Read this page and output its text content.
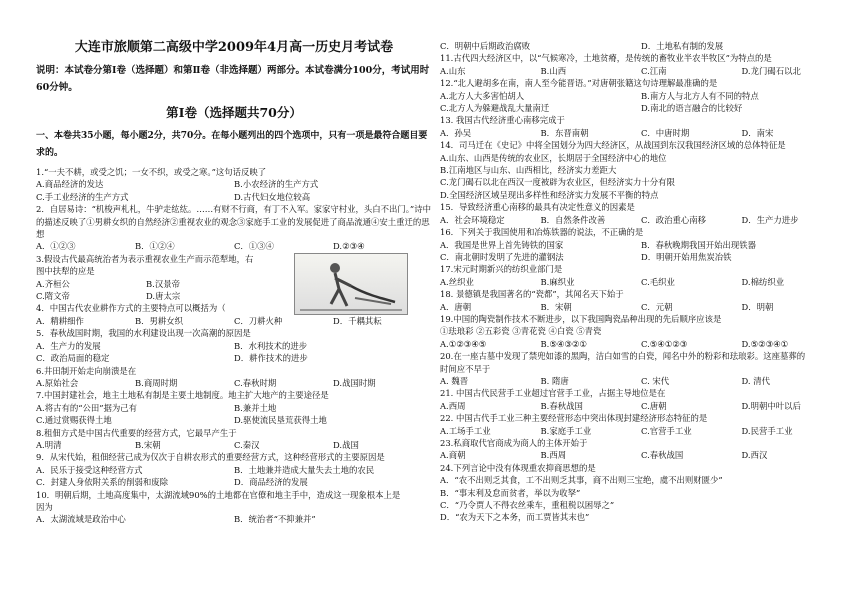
大连市旅顺第二高级中学2009年4月高一历史月考试卷
说明：本试卷分第Ⅰ卷（选择题）和第Ⅱ卷（非选择题）两部分。本试卷满分100分，考试用时60分钟。
第Ⅰ卷（选择题共70分）
一、本卷共35小题，每小题2分，共70分。在每小题列出的四个选项中，只有一项是最符合题目要求的。
1.“一夫不耕，或受之饥；一女不织，或受之寒。”这句话反映了
A.商品经济的发达	B.小农经济的生产方式
C.手工业经济的生产方式	D.古代妇女地位较高
2．自居易诗：“机梭声札札，牛驴走纮纮。……有财不行商，有丁不入军。家家守村业，头白不出门。”诗中的描述反映了①男耕女织的自然经济②重视农业的观念③家庭手工业的发展促进了商品流通④安土重迁的思想
A．①②③	B．①②④	C．①③④	D.②③④
3.假设古代最高统治者为表示重视农业生产而示范犁地，右图中扶犁的应是
A.齐桓公	B.汉景帝
C.隋文帝	D.唐太宗
4．中国古代农业耕作方式的主要特点可以概括为（
A．精耕细作	B．男耕女织	C．刀耕火种	D．千耦其耘
5．春秋战国时期，我国的水利建设出现一次高潮的原因是
A．生产力的发展	B．水利技术的进步
C．政治局面的稳定	D．耕作技术的进步
6.井田制开始走向崩溃是在
A.原始社会	B.商周时期	C.春秋时期	D.战国时期
7.中国封建社会，地主土地私有制是主要土地制度。地主扩大地产的主要途径是
A.将古有的“公田”据为己有	B.兼并土地
C.通过赏赐获得土地	D.驱使流民垦荒获得土地
8.租佃方式是中国古代重要的经营方式，它最早产生于
A.明清	B.宋朝	C.秦汉	D.战国
9．从宋代始，租佃经营己成为仅次于自耕农形式的重要经营方式，这种经营形式的主要原因是
A．民乐于接受这种经营方式	B．土地兼并造成大量失去土地的农民
C．封建人身依附关系的削弱和废除	D．商品经济的发展
10．明朝后期，土地高度集中，太湖流域90%的土地都在官僚和地主手中，造成这一现象根本上是
因为
A．太湖流域是政治中心	B．统治者“不抑兼并”
C．明朝中后期政治腐败	D．土地私有制的发展
11.古代四大经济区中，以“气候寒冷，土地贫瘠，是传统的畜牧业半农半牧区”为特点的是
A.山东	B.山西	C.江南	D.龙门碣石以北
12.“北人避胡多在南，南人至今能晋语。”对唐朝张籍这句诗理解最准确的是
A.北方人大多害怕胡人	B.南方人与北方人有不同的特点
C.北方人为躲避战乱大量南迁	D.南北的语言融合的比较好
13. 我国古代经济重心南移完成于
A．孙吴	B．东晋南朝	C．中唐时期	D．南宋
14．司马迁在《史记》中将全国划分为四大经济区，从战国到东汉我国经济区域的总体特征是
A.山东、山西是传统的农业区，长期居于全国经济中心的地位
B.江南地区与山东、山西相比，经济实力差距大
C.龙门碣石以北在西汉一度被辟为农业区，但经济实力十分有限
D.全国经济区域呈现出多样性和经济实力发展不平衡的特点
15．导致经济重心南移的最具有决定性意义的因素是
A．社会环境稳定	B．自然条件改善	C．政治重心南移	D．生产力进步
16．下列关于我国使用和冶炼铁器的说法，不正确的是
A．我国是世界上首先铸铁的国家	B．春秋晚期我国开始出现铁器
C．南北朝时发明了先进的灌钢法	D．明朝开始用焦炭冶铁
17.宋元时期新兴的纺织业部门是
A.丝织业	B.麻织业	C.毛织业	D.棉纺织业
18. 景德镇是我国著名的“瓷都”，其闻名天下始于
A．唐朝	B．宋朝	C．元朝	D．明朝
19.中国的陶瓷制作技术不断进步，以下我国陶瓷品种出现的先后顺序应该是
①珐琅彩 ②五彩瓷 ③青花瓷 ④白瓷 ⑤青瓷
A.①②③④⑤	B.⑤④③②①	C.⑤④①②③	D.⑤②③④①
20.在一座古墓中发现了禁兜如漆的黑陶，洁白如雪的白瓷，闻名中外的粉彩和珐琅彩。这座墓葬的
时间应不早于
A. 魏晋	B. 隋唐	C. 宋代	D. 清代
21. 中国古代民营手工业超过官营手工业，占据主导地位是在
A.西周	B.春秋战国	C.唐朝	D.明朝中叶以后
22. 中国古代手工业三种主要经营形态中突出体现封建经济形态特征的是
A.工场手工业	B.家庭手工业	C.官营手工业	D.民营手工业
23.私商取代官商成为商人的主体开始于
A.商朝	B.西周	C.春秋战国	D.西汉
24.下列言论中没有体现重农抑商思想的是
A．“农不出则乏其食，工不出则乏其事，商不出则三宝绝，虞不出则财匮少”
B．“事末利及怠而贫者，举以为收孥”
C．“乃令贾人不得衣丝乘车，重租税以困辱之”
D．“农为天下之本务，而工贾皆其末也”
